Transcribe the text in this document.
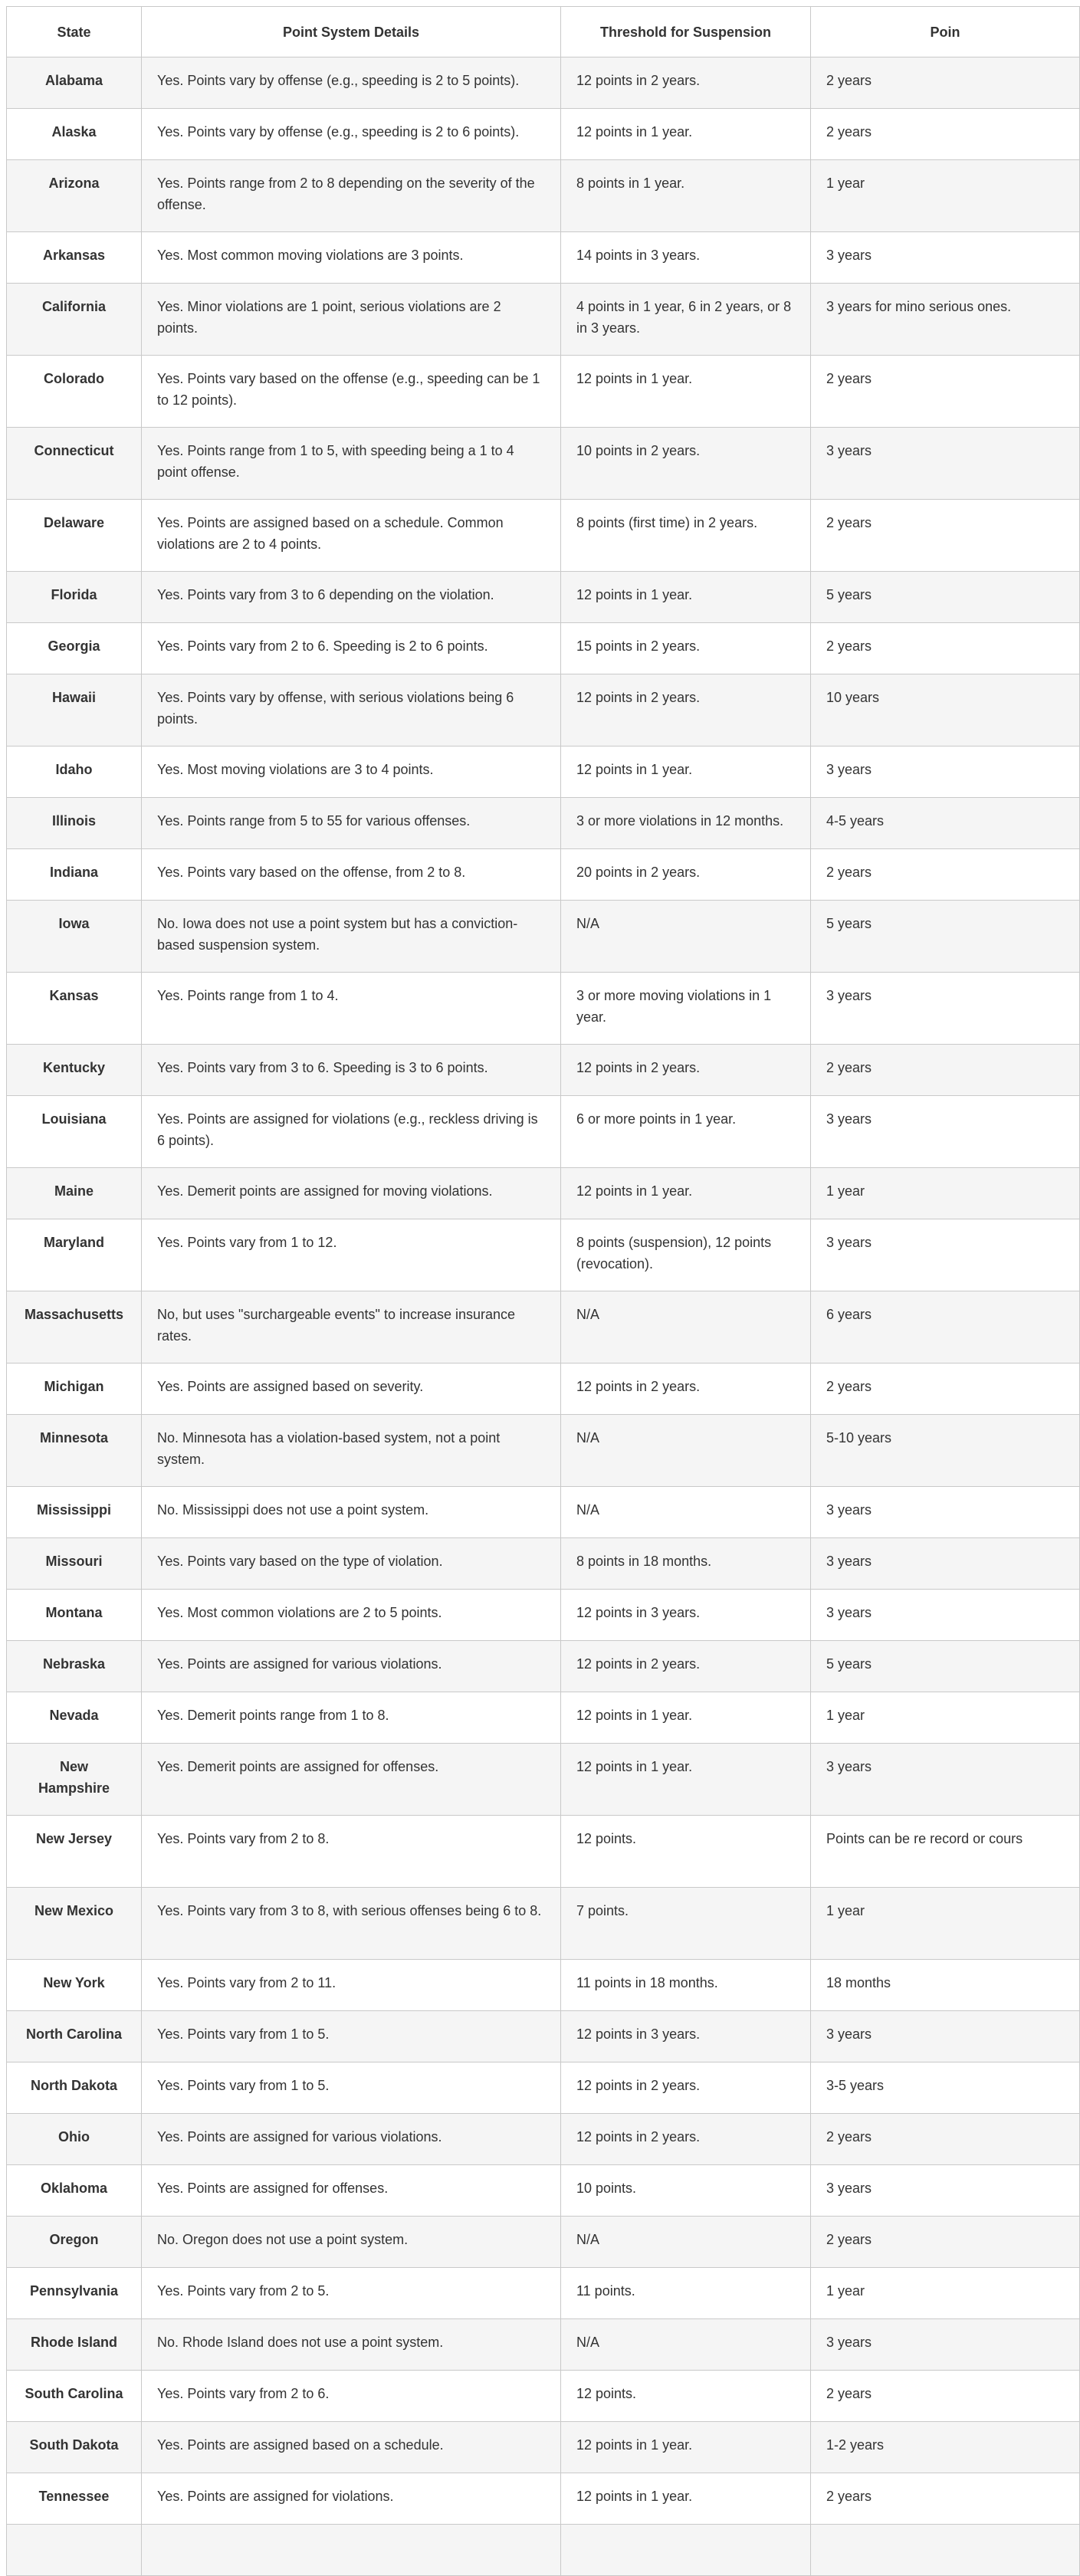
State	Point System Details	Threshold for Suspension	Poin
Alabama	Yes. Points vary by offense (e.g., speeding is 2 to 5 points).	12 points in 2 years.	2 years
Alaska	Yes. Points vary by offense (e.g., speeding is 2 to 6 points).	12 points in 1 year.	2 years
Arizona	Yes. Points range from 2 to 8 depending on the severity of the offense.	8 points in 1 year.	1 year
Arkansas	Yes. Most common moving violations are 3 points.	14 points in 3 years.	3 years
California	Yes. Minor violations are 1 point, serious violations are 2 points.	4 points in 1 year, 6 in 2 years, or 8 in 3 years.	3 years for mino serious ones.
Colorado	Yes. Points vary based on the offense (e.g., speeding can be 1 to 12 points).	12 points in 1 year.	2 years
Connecticut	Yes. Points range from 1 to 5, with speeding being a 1 to 4 point offense.	10 points in 2 years.	3 years
Delaware	Yes. Points are assigned based on a schedule. Common violations are 2 to 4 points.	8 points (first time) in 2 years.	2 years
Florida	Yes. Points vary from 3 to 6 depending on the violation.	12 points in 1 year.	5 years
Georgia	Yes. Points vary from 2 to 6. Speeding is 2 to 6 points.	15 points in 2 years.	2 years
Hawaii	Yes. Points vary by offense, with serious violations being 6 points.	12 points in 2 years.	10 years
Idaho	Yes. Most moving violations are 3 to 4 points.	12 points in 1 year.	3 years
Illinois	Yes. Points range from 5 to 55 for various offenses.	3 or more violations in 12 months.	4-5 years
Indiana	Yes. Points vary based on the offense, from 2 to 8.	20 points in 2 years.	2 years
Iowa	No. Iowa does not use a point system but has a conviction-based suspension system.	N/A	5 years
Kansas	Yes. Points range from 1 to 4.	3 or more moving violations in 1 year.	3 years
Kentucky	Yes. Points vary from 3 to 6. Speeding is 3 to 6 points.	12 points in 2 years.	2 years
Louisiana	Yes. Points are assigned for violations (e.g., reckless driving is 6 points).	6 or more points in 1 year.	3 years
Maine	Yes. Demerit points are assigned for moving violations.	12 points in 1 year.	1 year
Maryland	Yes. Points vary from 1 to 12.	8 points (suspension), 12 points (revocation).	3 years
Massachusetts	No, but uses "surchargeable events" to increase insurance rates.	N/A	6 years
Michigan	Yes. Points are assigned based on severity.	12 points in 2 years.	2 years
Minnesota	No. Minnesota has a violation-based system, not a point system.	N/A	5-10 years
Mississippi	No. Mississippi does not use a point system.	N/A	3 years
Missouri	Yes. Points vary based on the type of violation.	8 points in 18 months.	3 years
Montana	Yes. Most common violations are 2 to 5 points.	12 points in 3 years.	3 years
Nebraska	Yes. Points are assigned for various violations.	12 points in 2 years.	5 years
Nevada	Yes. Demerit points range from 1 to 8.	12 points in 1 year.	1 year
New Hampshire	Yes. Demerit points are assigned for offenses.	12 points in 1 year.	3 years
New Jersey	Yes. Points vary from 2 to 8.	12 points.	Points can be re record or cours
New Mexico	Yes. Points vary from 3 to 8, with serious offenses being 6 to 8.	7 points.	1 year
New York	Yes. Points vary from 2 to 11.	11 points in 18 months.	18 months
North Carolina	Yes. Points vary from 1 to 5.	12 points in 3 years.	3 years
North Dakota	Yes. Points vary from 1 to 5.	12 points in 2 years.	3-5 years
Ohio	Yes. Points are assigned for various violations.	12 points in 2 years.	2 years
Oklahoma	Yes. Points are assigned for offenses.	10 points.	3 years
Oregon	No. Oregon does not use a point system.	N/A	2 years
Pennsylvania	Yes. Points vary from 2 to 5.	11 points.	1 year
Rhode Island	No. Rhode Island does not use a point system.	N/A	3 years
South Carolina	Yes. Points vary from 2 to 6.	12 points.	2 years
South Dakota	Yes. Points are assigned based on a schedule.	12 points in 1 year.	1-2 years
Tennessee	Yes. Points are assigned for violations.	12 points in 1 year.	2 years
